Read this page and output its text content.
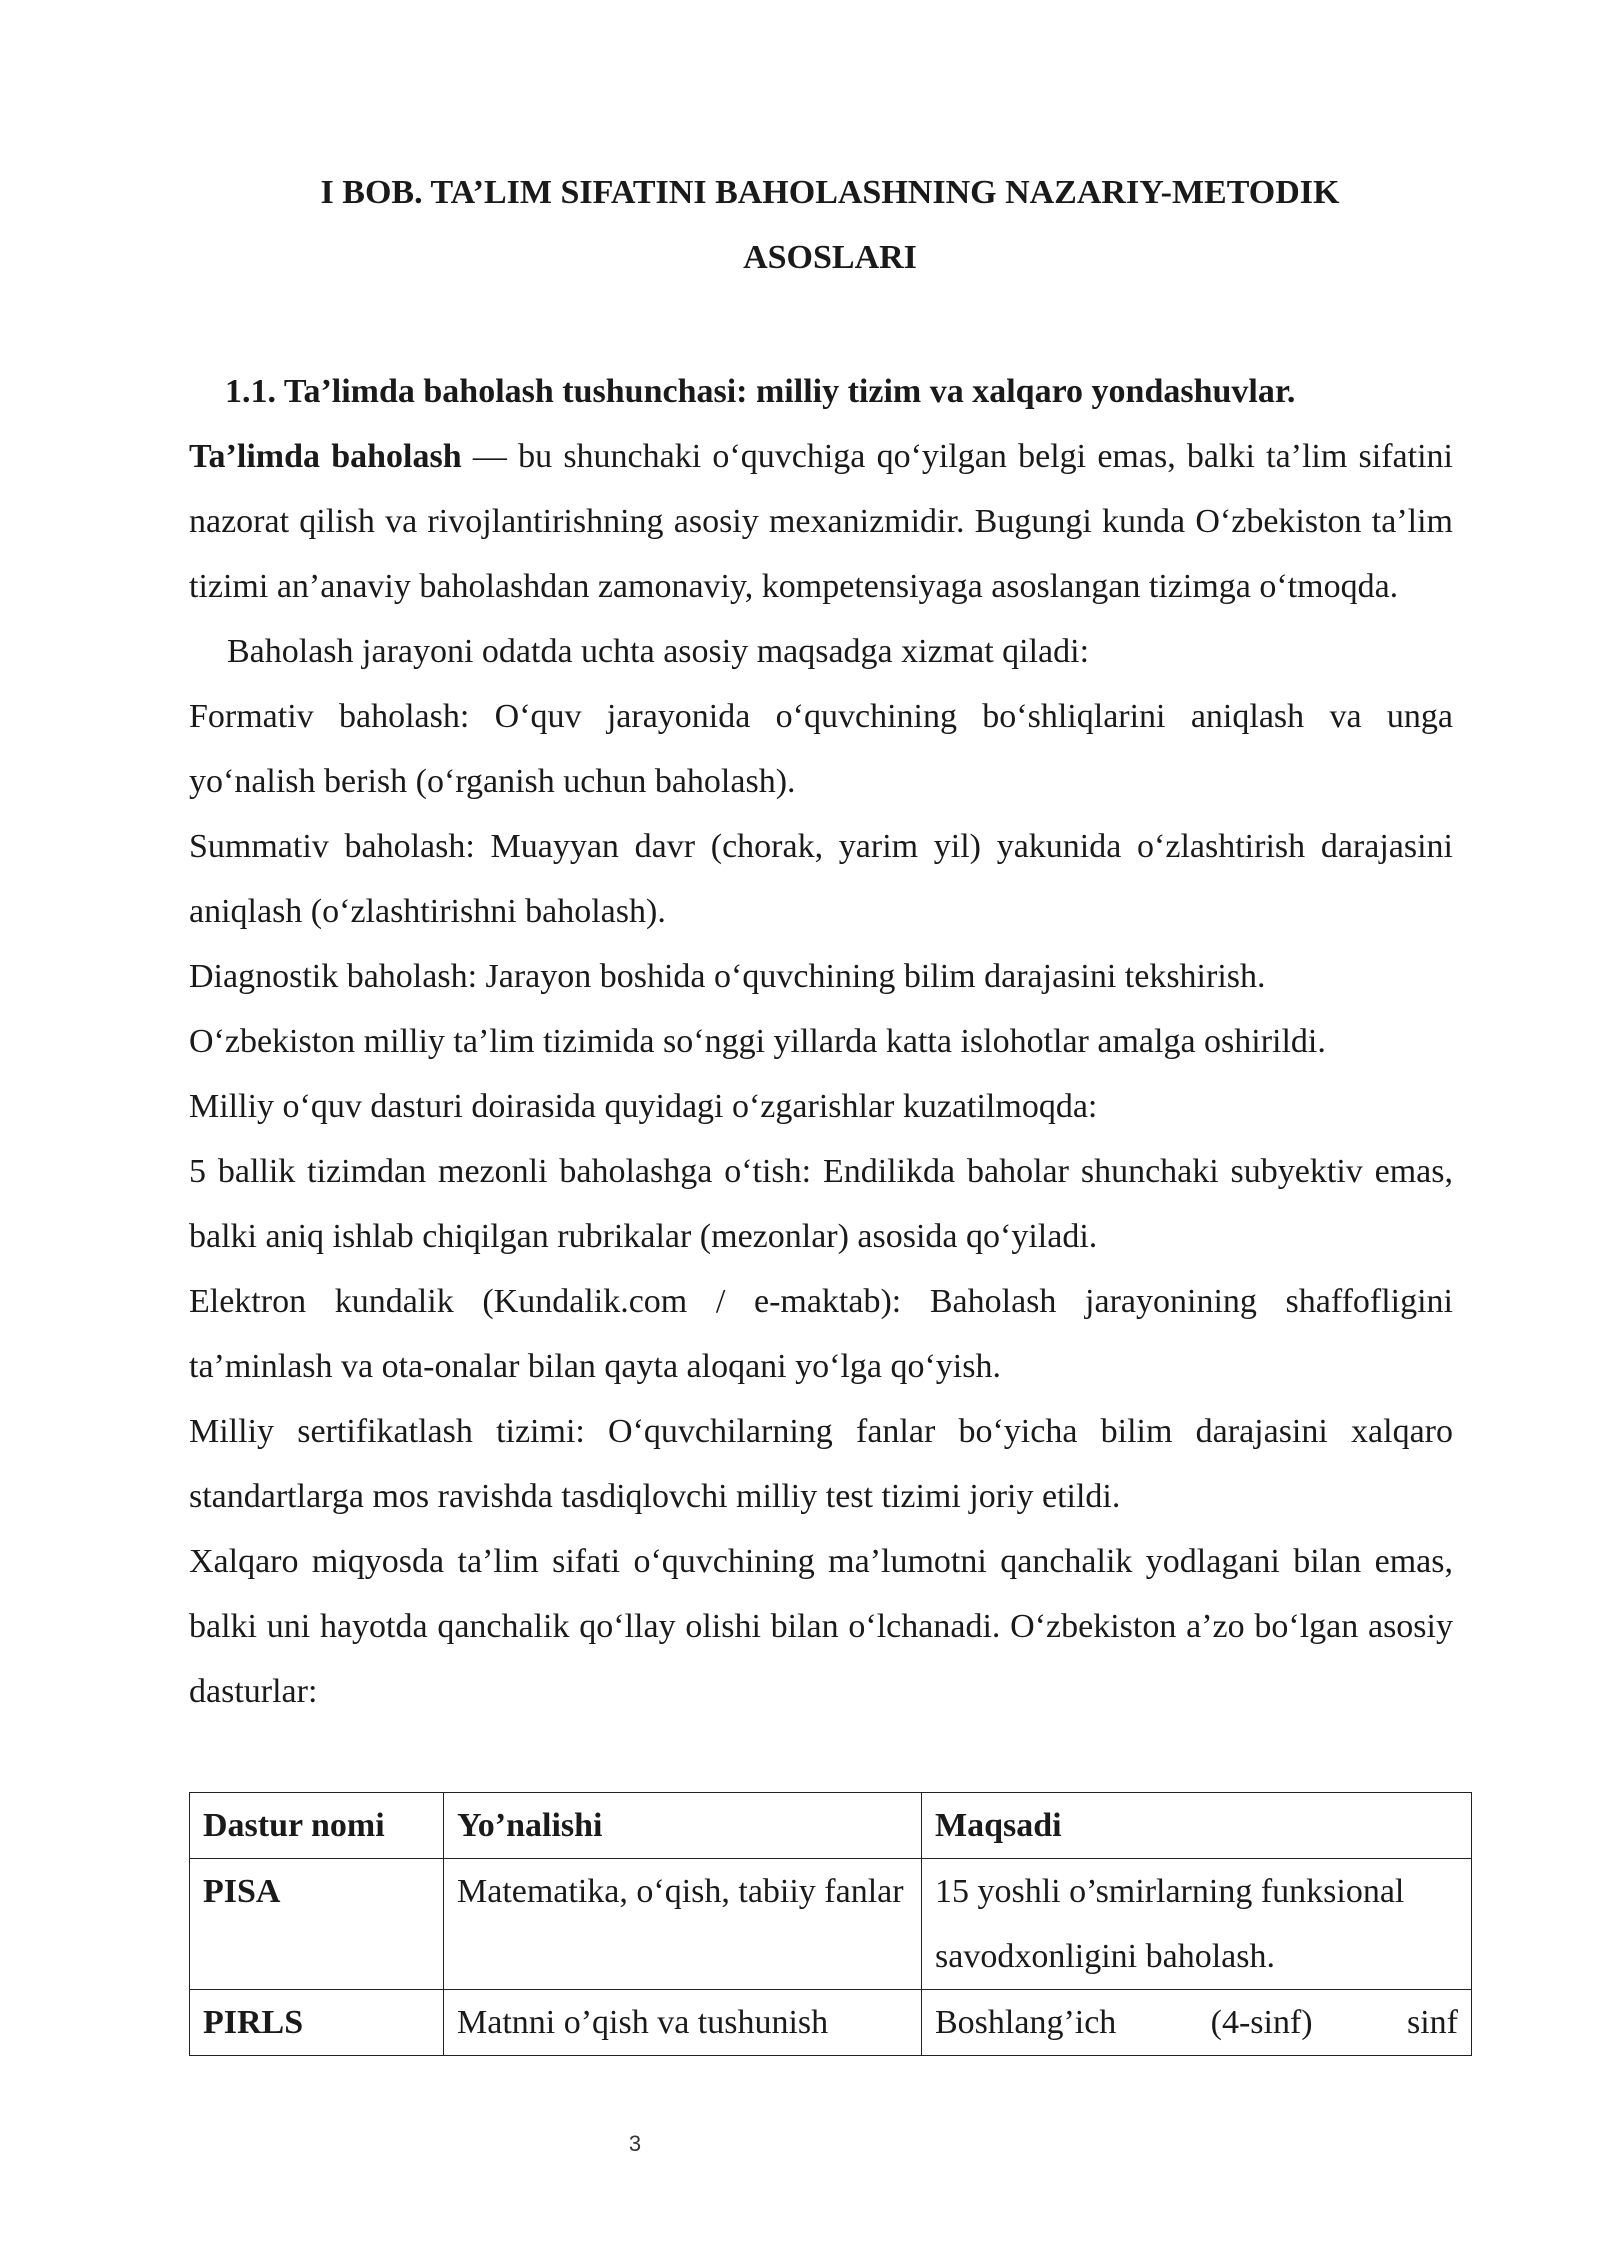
I BOB. TA’LIM SIFATINI BAHOLASHNING NAZARIY-METODIK
ASOSLARI

1.1. Ta’limda baholash tushunchasi: milliy tizim va xalqaro yondashuvlar.

Ta’limda baholash — bu shunchaki o‘quvchiga qo‘yilgan belgi emas, balki ta’lim sifatini nazorat qilish va rivojlantirishning asosiy mexanizmidir. Bugungi kunda O‘zbekiston ta’lim tizimi an’anaviy baholashdan zamonaviy, kompetensiyaga asoslangan tizimga o‘tmoqda.

Baholash jarayoni odatda uchta asosiy maqsadga xizmat qiladi:

Formativ baholash: O‘quv jarayonida o‘quvchining bo‘shliqlarini aniqlash va unga yo‘nalish berish (o‘rganish uchun baholash).

Summativ baholash: Muayyan davr (chorak, yarim yil) yakunida o‘zlashtirish darajasini aniqlash (o‘zlashtirishni baholash).

Diagnostik baholash: Jarayon boshida o‘quvchining bilim darajasini tekshirish.

O‘zbekiston milliy ta’lim tizimida so‘nggi yillarda katta islohotlar amalga oshirildi.

Milliy o‘quv dasturi doirasida quyidagi o‘zgarishlar kuzatilmoqda:

5 ballik tizimdan mezonli baholashga o‘tish: Endilikda baholar shunchaki subyektiv emas, balki aniq ishlab chiqilgan rubrikalar (mezonlar) asosida qo‘yiladi.

Elektron kundalik (Kundalik.com / e-maktab): Baholash jarayonining shaffofligini ta’minlash va ota-onalar bilan qayta aloqani yo‘lga qo‘yish.

Milliy sertifikatlash tizimi: O‘quvchilarning fanlar bo‘yicha bilim darajasini xalqaro standartlarga mos ravishda tasdiqlovchi milliy test tizimi joriy etildi.

Xalqaro miqyosda ta’lim sifati o‘quvchining ma’lumotni qanchalik yodlagani bilan emas, balki uni hayotda qanchalik qo‘llay olishi bilan o‘lchanadi. O‘zbekiston a’zo bo‘lgan asosiy dasturlar:

Dastur nomi	Yo’nalishi	Maqsadi
PISA	Matematika, o‘qish, tabiiy fanlar	15 yoshli o’smirlarning funksional savodxonligini baholash.
PIRLS	Matnni o’qish va tushunish	Boshlang’ich (4-sinf) sinf
3
